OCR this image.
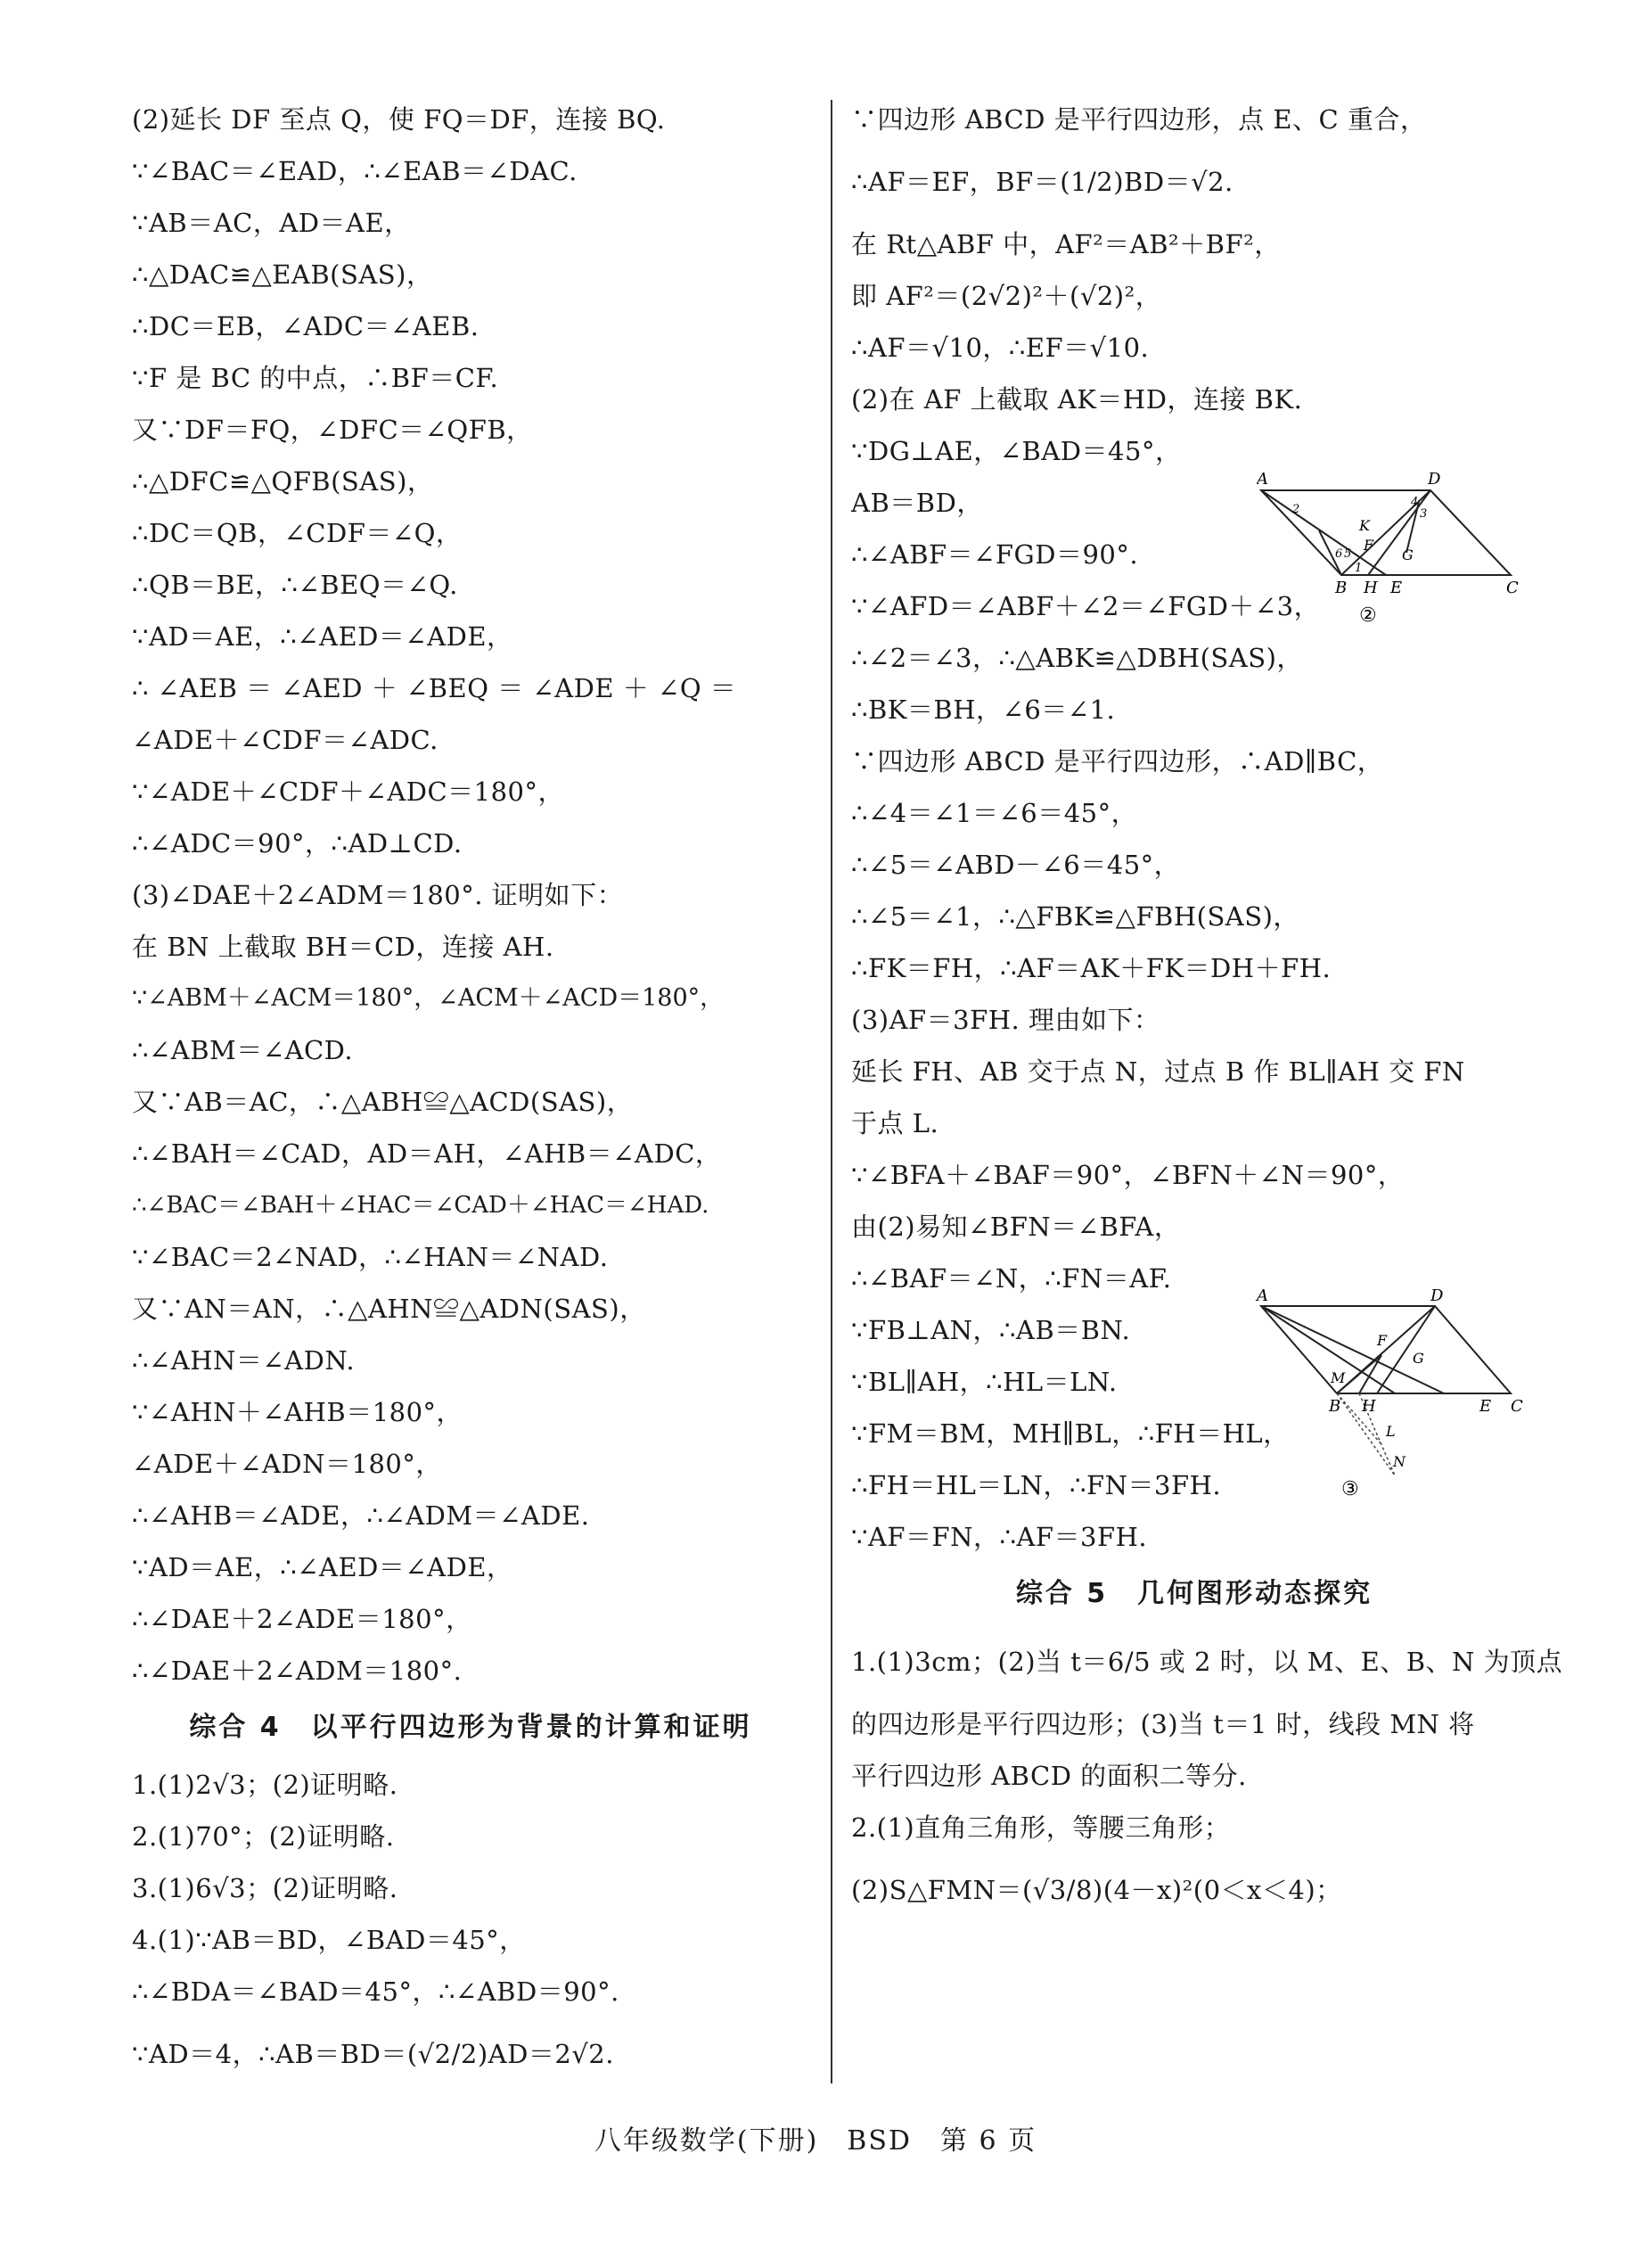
(2)延长 DF 至点 Q，使 FQ＝DF，连接 BQ.
∵∠BAC＝∠EAD，∴∠EAB＝∠DAC.
∵AB＝AC，AD＝AE，
∴△DAC≌△EAB(SAS)，
∴DC＝EB，∠ADC＝∠AEB.
∵F 是 BC 的中点，∴BF＝CF.
又∵DF＝FQ，∠DFC＝∠QFB，
∴△DFC≌△QFB(SAS)，
∴DC＝QB，∠CDF＝∠Q，
∴QB＝BE，∴∠BEQ＝∠Q.
∵AD＝AE，∴∠AED＝∠ADE，
∴ ∠AEB ＝ ∠AED ＋ ∠BEQ ＝ ∠ADE ＋ ∠Q ＝
∠ADE＋∠CDF＝∠ADC.
∵∠ADE＋∠CDF＋∠ADC＝180°，
∴∠ADC＝90°，∴AD⊥CD.
(3)∠DAE＋2∠ADM＝180°. 证明如下：
在 BN 上截取 BH＝CD，连接 AH.
∵∠ABM＋∠ACM＝180°，∠ACM＋∠ACD＝180°，
∴∠ABM＝∠ACD.
又∵AB＝AC，∴△ABH≌△ACD(SAS)，
∴∠BAH＝∠CAD，AD＝AH，∠AHB＝∠ADC，
∴∠BAC＝∠BAH＋∠HAC＝∠CAD＋∠HAC＝∠HAD.
∵∠BAC＝2∠NAD，∴∠HAN＝∠NAD.
又∵AN＝AN，∴△AHN≌△ADN(SAS)，
∴∠AHN＝∠ADN.
∵∠AHN＋∠AHB＝180°，
∠ADE＋∠ADN＝180°，
∴∠AHB＝∠ADE，∴∠ADM＝∠ADE.
∵AD＝AE，∴∠AED＝∠ADE，
∴∠DAE＋2∠ADE＝180°，
∴∠DAE＋2∠ADM＝180°.
综合 4　以平行四边形为背景的计算和证明
1.(1)2√3；(2)证明略.
2.(1)70°；(2)证明略.
3.(1)6√3；(2)证明略.
4.(1)∵AB＝BD，∠BAD＝45°，
∴∠BDA＝∠BAD＝45°，∴∠ABD＝90°.
∵AD＝4，∴AB＝BD＝(√2/2)AD＝2√2.
∵四边形 ABCD 是平行四边形，点 E、C 重合，
∴AF＝EF，BF＝(1/2)BD＝√2.
在 Rt△ABF 中，AF²＝AB²＋BF²，
即 AF²＝(2√2)²＋(√2)²，
∴AF＝√10，∴EF＝√10.
(2)在 AF 上截取 AK＝HD，连接 BK.
∵DG⊥AE，∠BAD＝45°，
AB＝BD，
∴∠ABF＝∠FGD＝90°.
∵∠AFD＝∠ABF＋∠2＝∠FGD＋∠3，
∴∠2＝∠3，∴△ABK≌△DBH(SAS)，
∴BK＝BH，∠6＝∠1.
∵四边形 ABCD 是平行四边形，∴AD∥BC，
∴∠4＝∠1＝∠6＝45°，
∴∠5＝∠ABD－∠6＝45°，
∴∠5＝∠1，∴△FBK≌△FBH(SAS)，
∴FK＝FH，∴AF＝AK＋FK＝DH＋FH.
(3)AF＝3FH. 理由如下：
延长 FH、AB 交于点 N，过点 B 作 BL∥AH 交 FN
于点 L.
∵∠BFA＋∠BAF＝90°，∠BFN＋∠N＝90°，
由(2)易知∠BFN＝∠BFA，
∴∠BAF＝∠N，∴FN＝AF.
∵FB⊥AN，∴AB＝BN.
∵BL∥AH，∴HL＝LN.
∵FM＝BM，MH∥BL，∴FH＝HL，
∴FH＝HL＝LN，∴FN＝3FH.
∵AF＝FN，∴AF＝3FH.
综合 5　几何图形动态探究
1.(1)3cm；(2)当 t＝6/5 或 2 时，以 M、E、B、N 为顶点
的四边形是平行四边形；(3)当 t＝1 时，线段 MN 将
平行四边形 ABCD 的面积二等分.
2.(1)直角三角形，等腰三角形；
(2)S△FMN＝(√3/8)(4－x)²(0＜x＜4)；
A	D
K
F
G
B H E	C
2	3
4
5
6
1
②
A	D
F
G
M
B H	E C
L
N
③
八年级数学(下册)　BSD　第 6 页
